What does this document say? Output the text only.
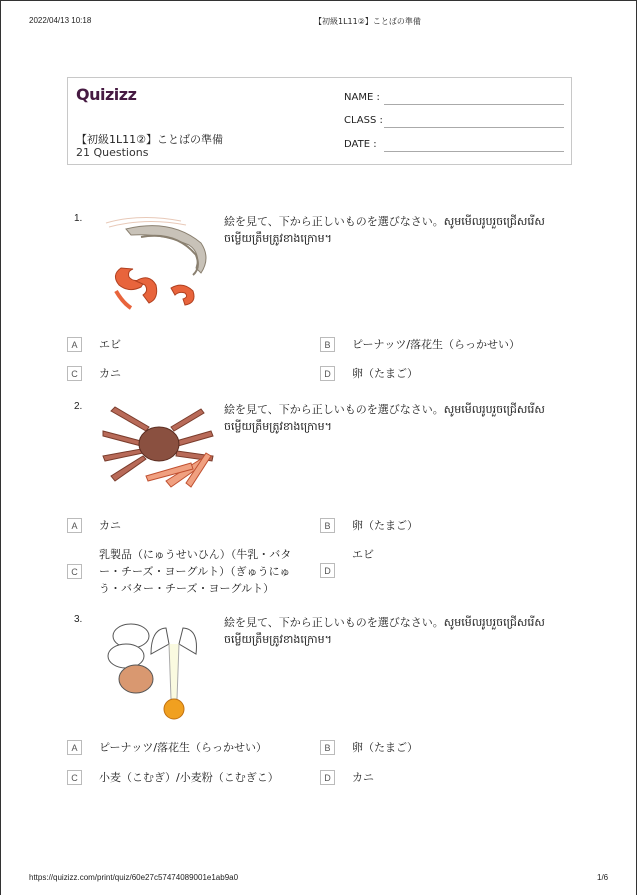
2022/04/13 10:18	【初級1L11②】ことばの準備
Quizizz
【初級1L11②】ことばの準備
21 Questions
NAME :
CLASS :
DATE :
1.	絵を見て、下から正しいものを選びなさい。សូមមើលរូបរួចជ្រើសរើសចម្លើយត្រឹមត្រូវខាងក្រោម។
A	エビ	B	ピーナッツ/落花生（らっかせい）
C	カニ	D	卵（たまご）
2.	絵を見て、下から正しいものを選びなさい。សូមមើលរូបរួចជ្រើសរើសចម្លើយត្រឹមត្រូវខាងក្រោម។
A	カニ	B	卵（たまご）
C
乳製品（にゅうせいひん）（牛乳・バター・チーズ・ヨーグルト）（ぎゅうにゅう・バター・チーズ・ヨーグルト）
D
エビ
3.	絵を見て、下から正しいものを選びなさい。សូមមើលរូបរួចជ្រើសរើសចម្លើយត្រឹមត្រូវខាងក្រោម។
A	ピーナッツ/落花生（らっかせい）	B	卵（たまご）
C	小麦（こむぎ）/小麦粉（こむぎこ）	D	カニ
https://quizizz.com/print/quiz/60e27c57474089001e1ab9a0	1/6
